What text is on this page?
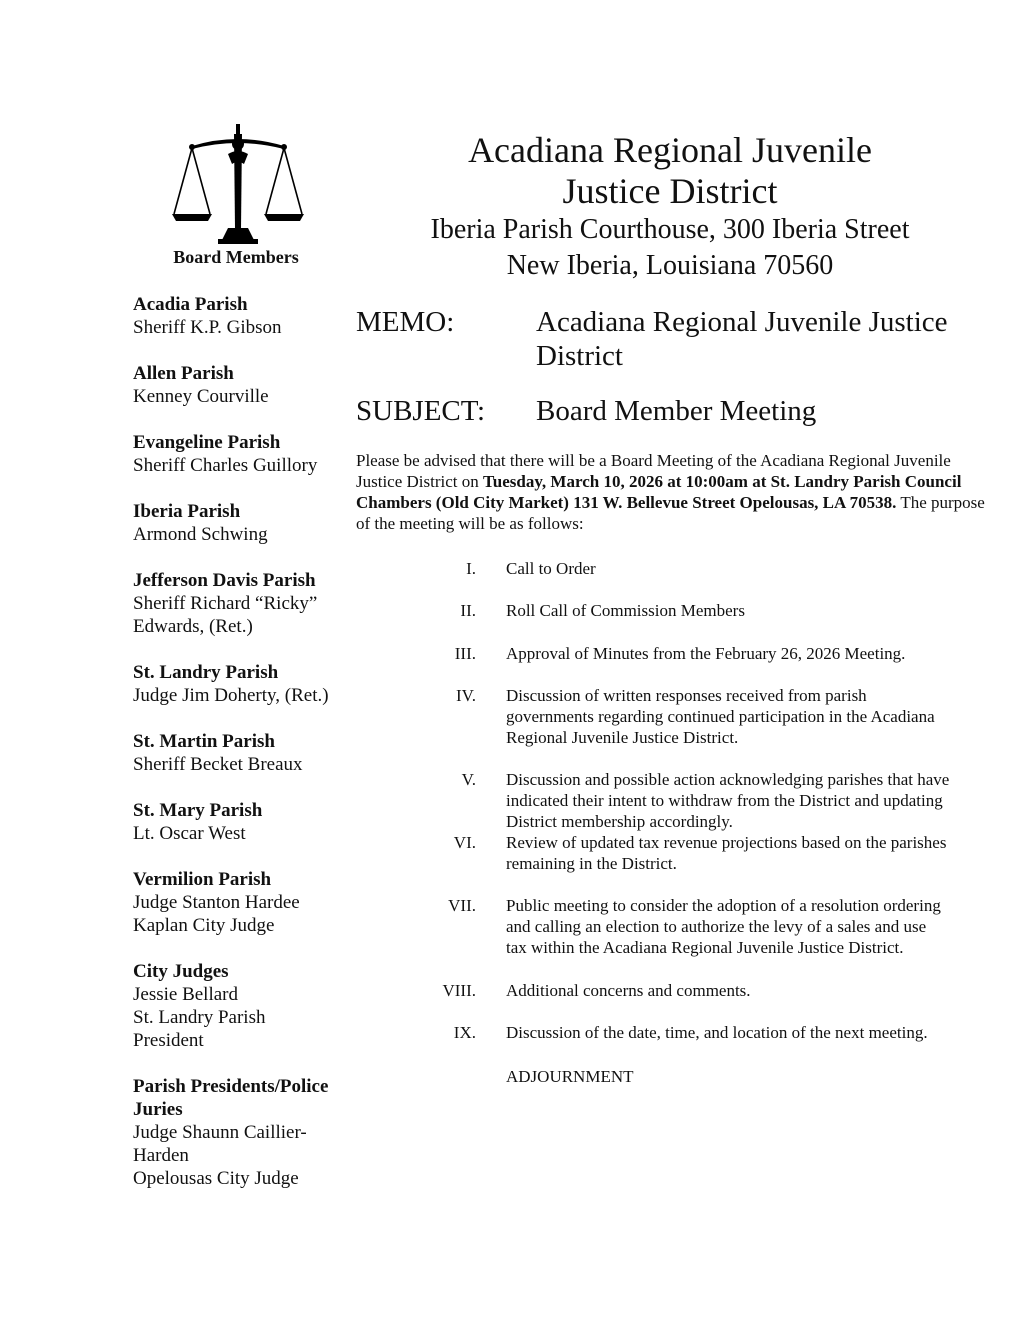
Board Members
Acadia Parish
Sheriff K.P. Gibson
Allen Parish
Kenney Courville
Evangeline Parish
Sheriff Charles Guillory
Iberia Parish
Armond Schwing
Jefferson Davis Parish
Sheriff Richard “Ricky”
Edwards, (Ret.)
St. Landry Parish
Judge Jim Doherty, (Ret.)
St. Martin Parish
Sheriff Becket Breaux
St. Mary Parish
Lt. Oscar West
Vermilion Parish
Judge Stanton Hardee
Kaplan City Judge
City Judges
Jessie Bellard
St. Landry Parish
President
Parish Presidents/Police
Juries
Judge Shaunn Caillier-
Harden
Opelousas City Judge
Acadiana Regional Juvenile
Justice District
Iberia Parish Courthouse, 300 Iberia Street
New Iberia, Louisiana 70560
MEMO:	Acadiana Regional Juvenile Justice
District
SUBJECT: Board Member Meeting
Please be advised that there will be a Board Meeting of the Acadiana Regional Juvenile Justice District on Tuesday, March 10, 2026 at 10:00am at St. Landry Parish Council Chambers (Old City Market) 131 W. Bellevue Street Opelousas, LA 70538. The purpose of the meeting will be as follows:
I. Call to Order
II. Roll Call of Commission Members
III. Approval of Minutes from the February 26, 2026 Meeting.
IV. Discussion of written responses received from parish
governments regarding continued participation in the Acadiana
Regional Juvenile Justice District.
V. Discussion and possible action acknowledging parishes that have
indicated their intent to withdraw from the District and updating
District membership accordingly.
VI. Review of updated tax revenue projections based on the parishes
remaining in the District.
VII. Public meeting to consider the adoption of a resolution ordering
and calling an election to authorize the levy of a sales and use
tax within the Acadiana Regional Juvenile Justice District.
VIII. Additional concerns and comments.
IX. Discussion of the date, time, and location of the next meeting.
ADJOURNMENT
